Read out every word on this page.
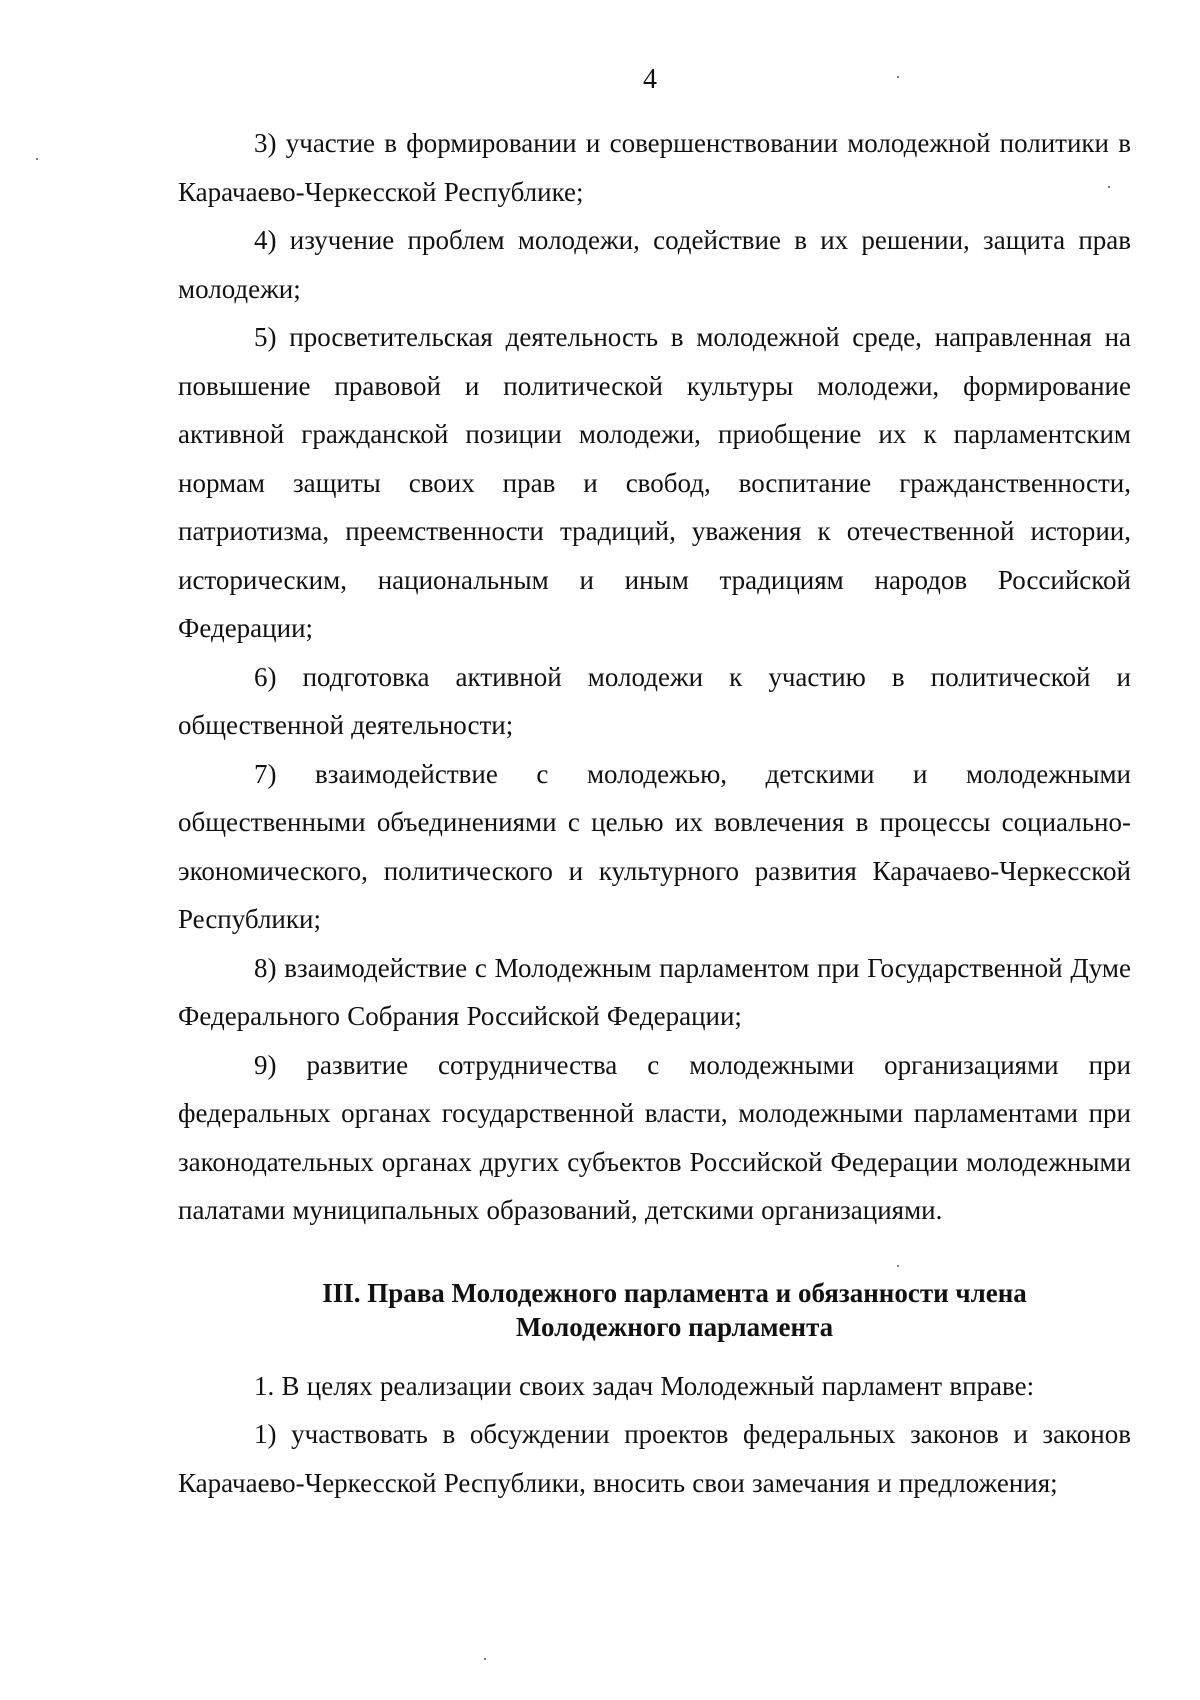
4

3) участие в формировании и совершенствовании молодежной политики в Карачаево-Черкесской Республике;

4) изучение проблем молодежи, содействие в их решении, защита прав молодежи;

5) просветительская деятельность в молодежной среде, направленная на повышение правовой и политической культуры молодежи, формирование активной гражданской позиции молодежи, приобщение их к парламентским нормам защиты своих прав и свобод, воспитание гражданственности, патриотизма, преемственности традиций, уважения к отечественной истории, историческим, национальным и иным традициям народов Российской Федерации;

6) подготовка активной молодежи к участию в политической и общественной деятельности;

7) взаимодействие с молодежью, детскими и молодежными общественными объединениями с целью их вовлечения в процессы социально-экономического, политического и культурного развития Карачаево-Черкесской Республики;

8) взаимодействие с Молодежным парламентом при Государственной Думе Федерального Собрания Российской Федерации;

9) развитие сотрудничества с молодежными организациями при федеральных органах государственной власти, молодежными парламентами при законодательных органах других субъектов Российской Федерации молодежными палатами муниципальных образований, детскими организациями.

III. Права Молодежного парламента и обязанности члена
Молодежного парламента

1. В целях реализации своих задач Молодежный парламент вправе:

1) участвовать в обсуждении проектов федеральных законов и законов Карачаево-Черкесской Республики, вносить свои замечания и предложения;
